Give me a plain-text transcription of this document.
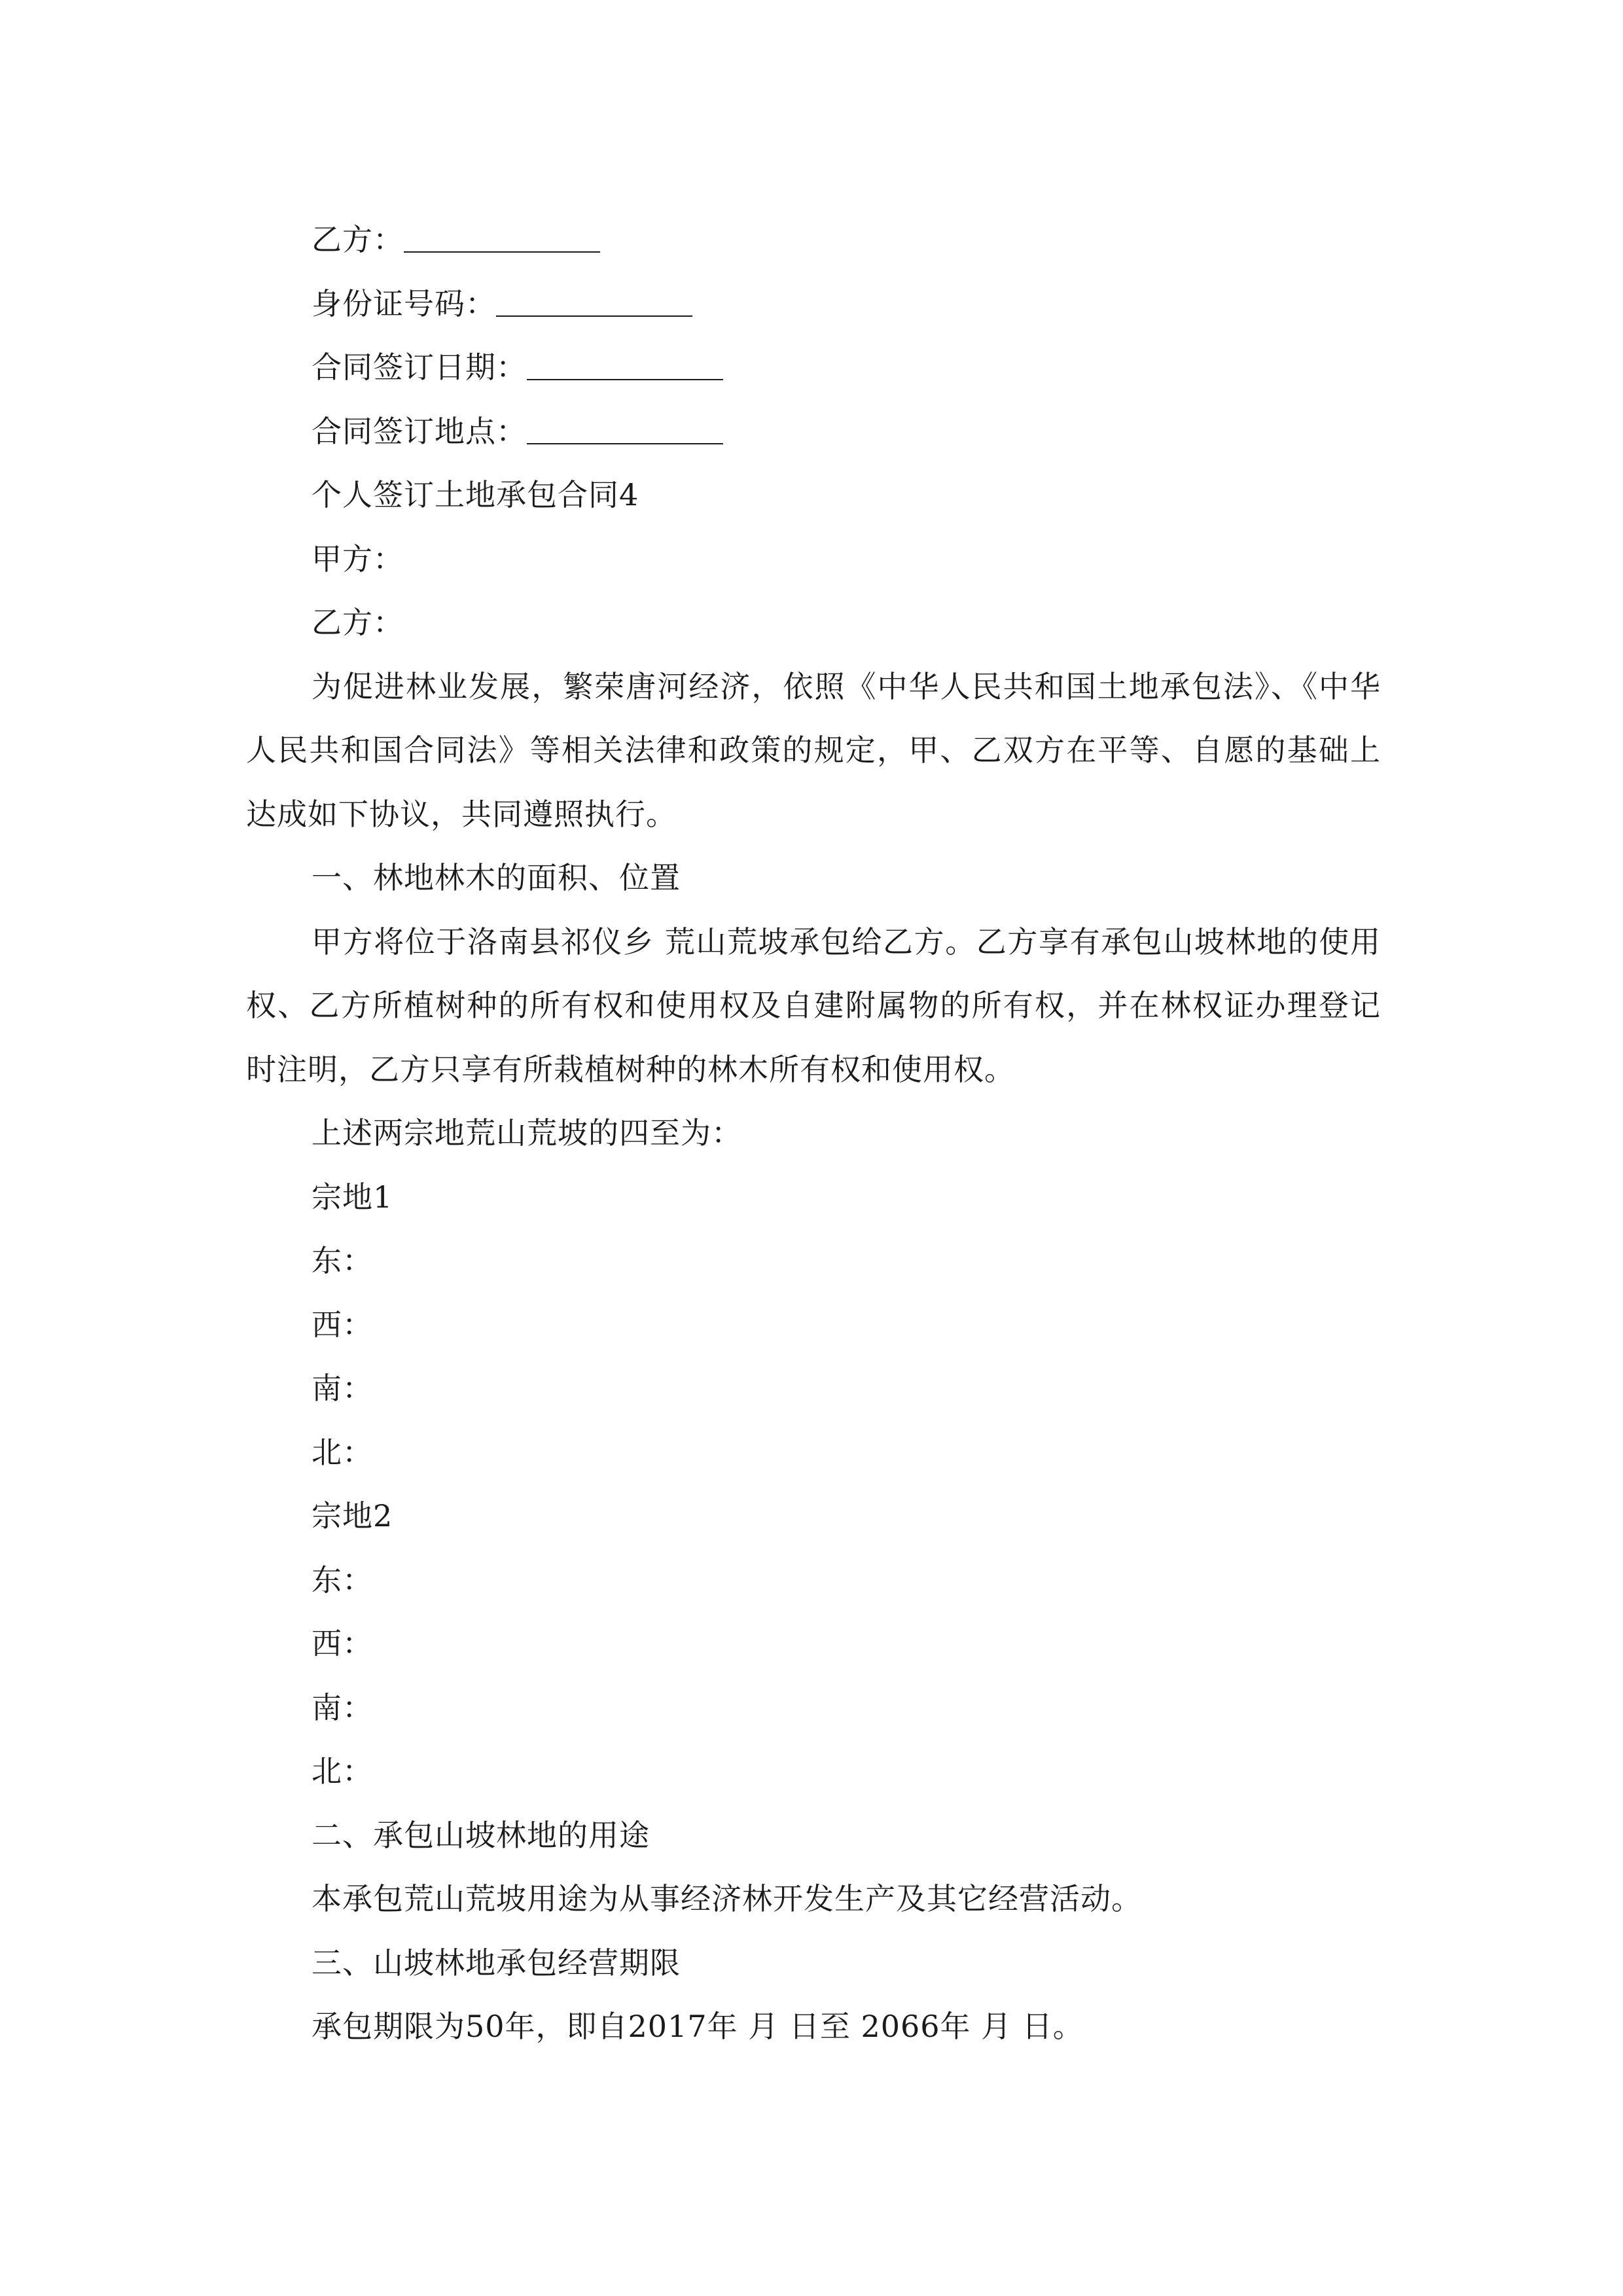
乙方：
身份证号码：
合同签订日期：
合同签订地点：
个人签订土地承包合同4
甲方：
乙方：

为促进林业发展，繁荣唐河经济，依照《中华人民共和国土地承包法》、《中华人民共和国合同法》等相关法律和政策的规定，甲、乙双方在平等、自愿的基础上达成如下协议，共同遵照执行。

一、林地林木的面积、位置

甲方将位于洛南县祁仪乡 荒山荒坡承包给乙方。乙方享有承包山坡林地的使用权、乙方所植树种的所有权和使用权及自建附属物的所有权，并在林权证办理登记时注明，乙方只享有所栽植树种的林木所有权和使用权。

上述两宗地荒山荒坡的四至为：
宗地1
东：
西：
南：
北：
宗地2
东：
西：
南：
北：
二、承包山坡林地的用途
本承包荒山荒坡用途为从事经济林开发生产及其它经营活动。
三、山坡林地承包经营期限
承包期限为50年，即自2017年 月 日至 2066年 月 日。
